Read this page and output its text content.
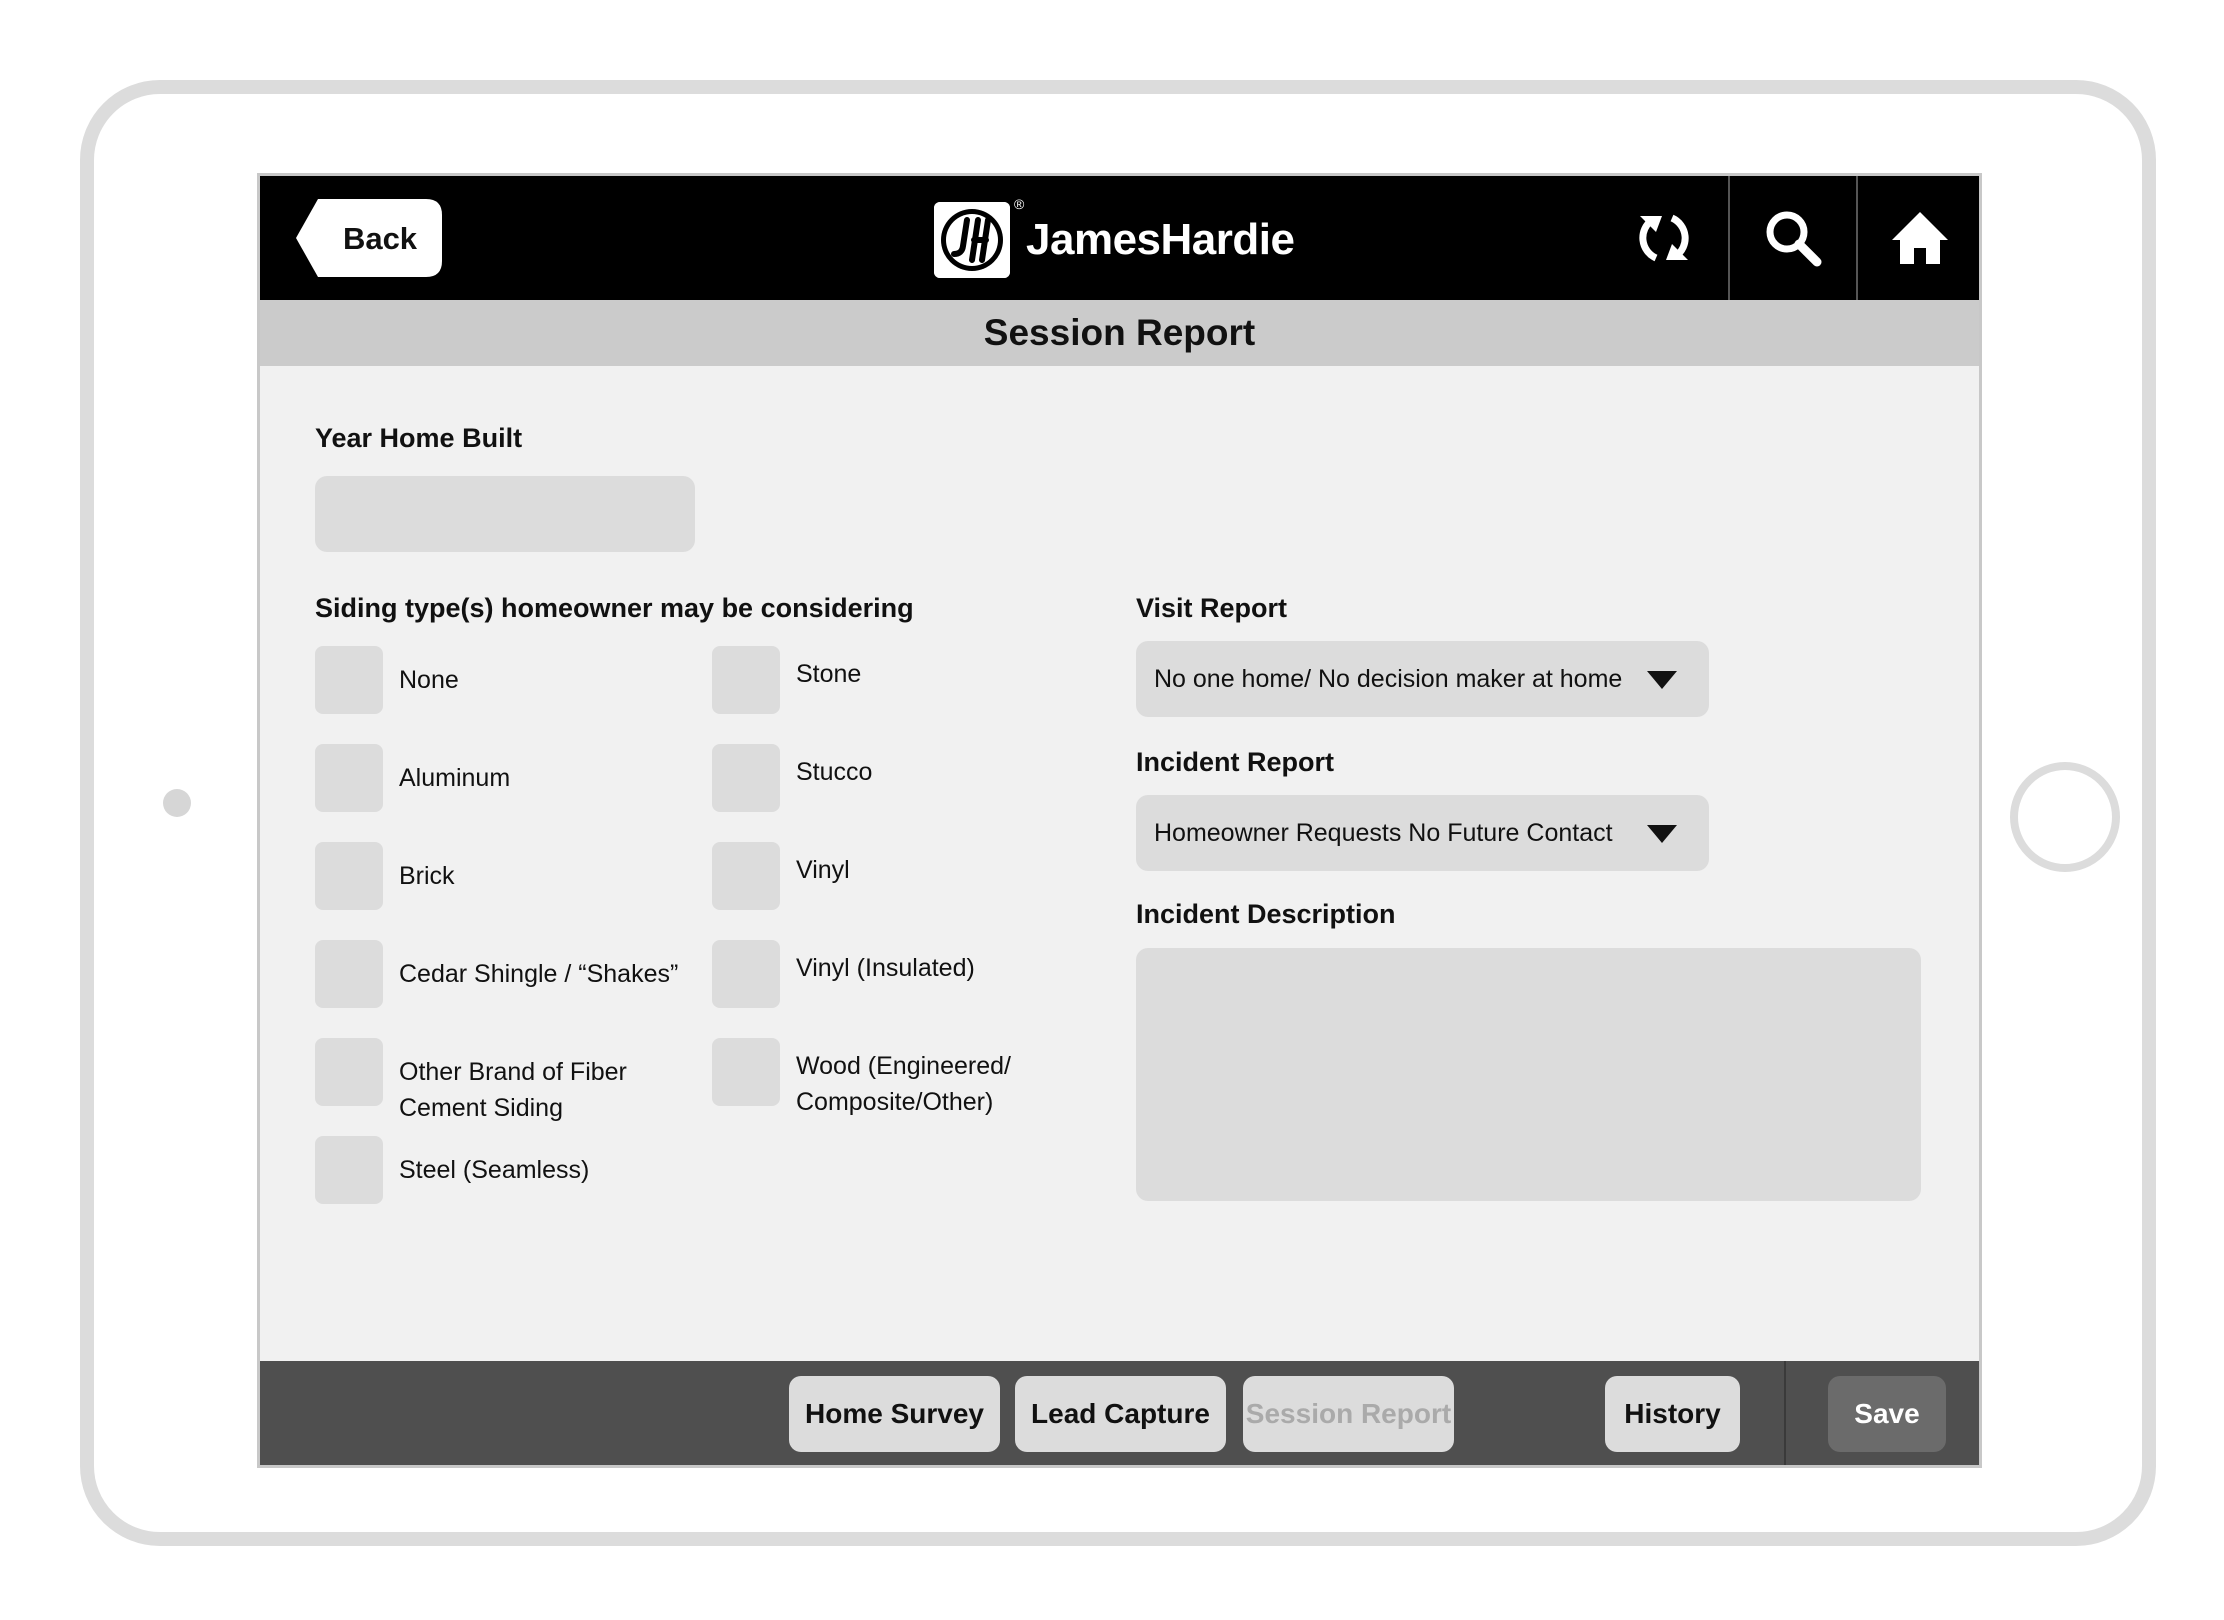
Back
®
JamesHardie
Session Report
Year Home Built
Siding type(s) homeowner may be considering
None
Aluminum
Brick
Cedar Shingle / “Shakes”
Other Brand of Fiber Cement Siding
Steel (Seamless)
Stone
Stucco
Vinyl
Vinyl (Insulated)
Wood (Engineered/ Composite/Other)
Visit Report
No one home/ No decision maker at home
Incident Report
Homeowner Requests No Future Contact
Incident Description
Home Survey	Lead Capture	Session Report	History	Save
